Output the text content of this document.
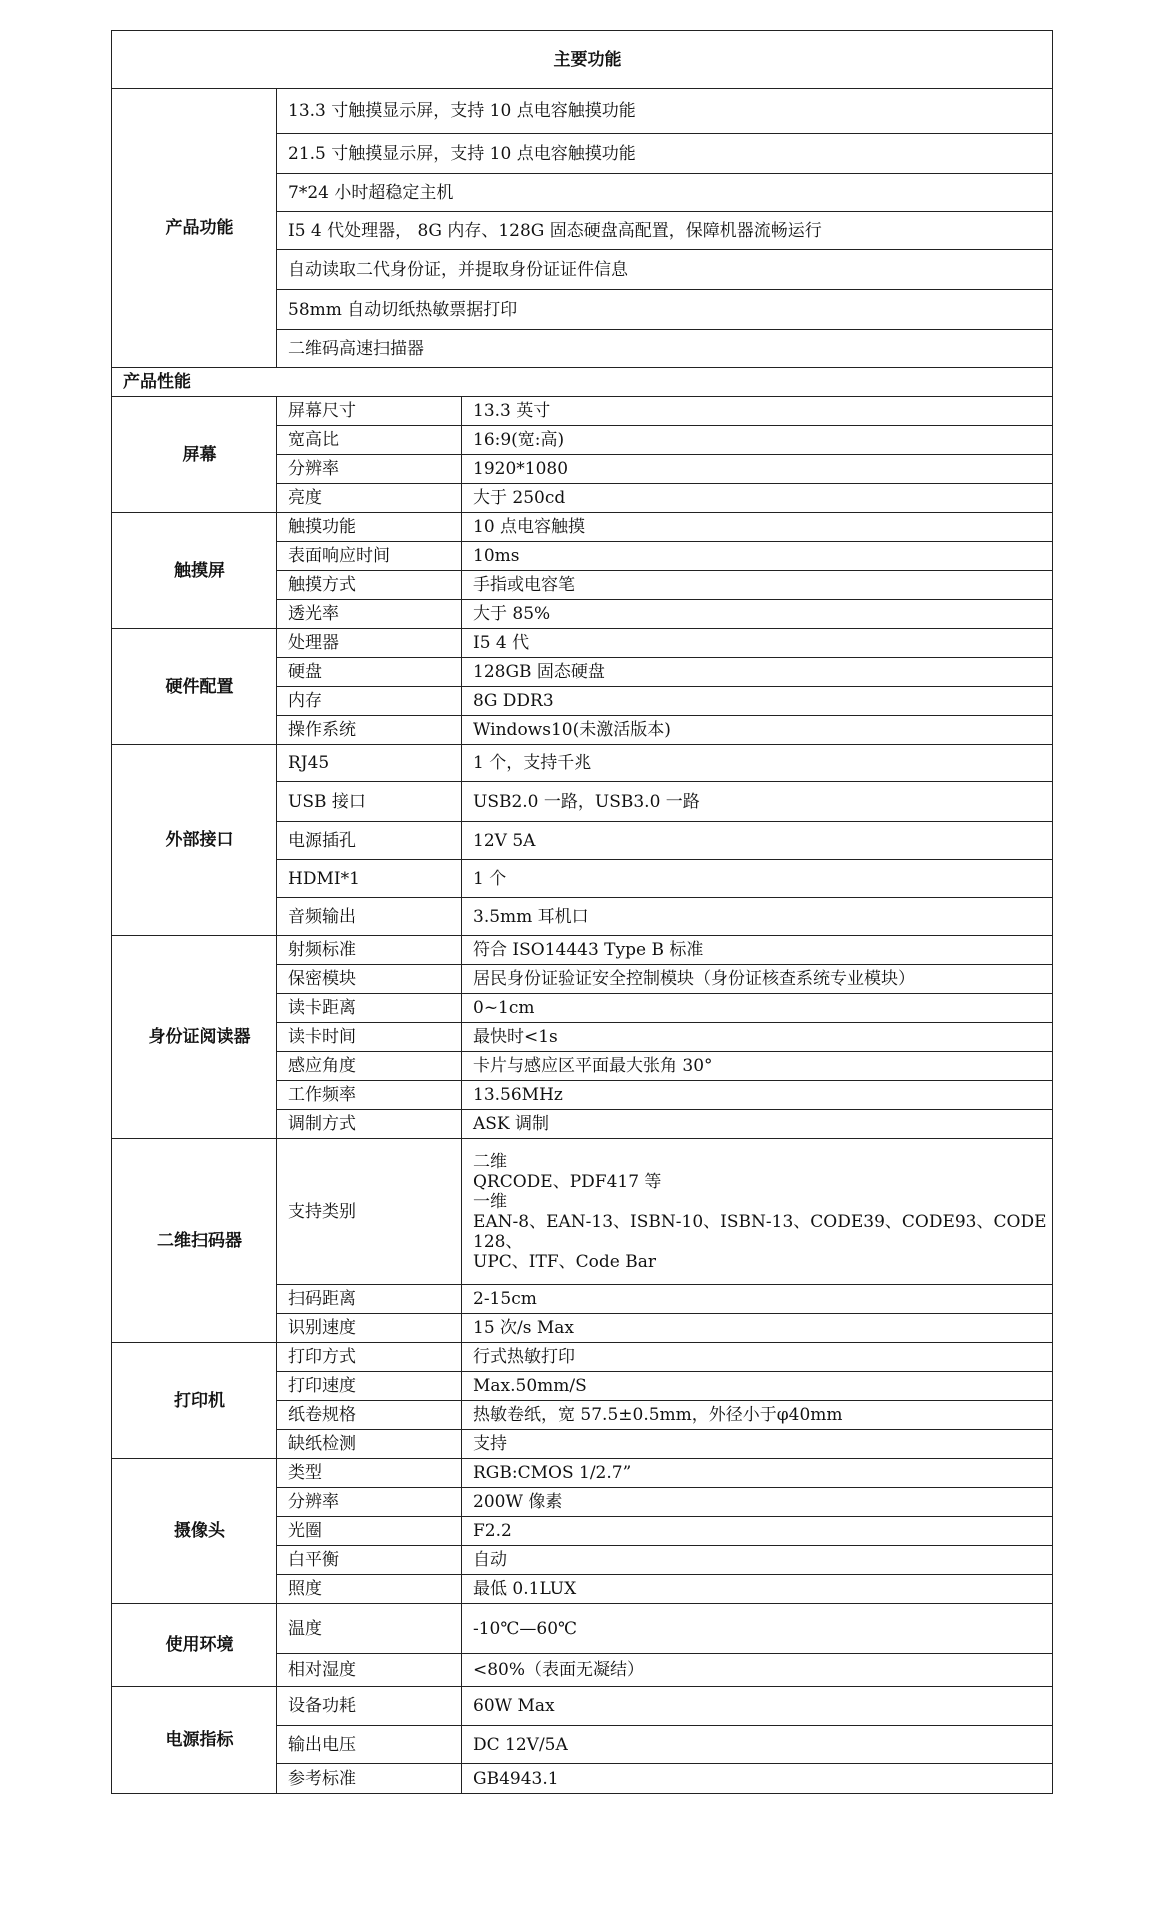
主要功能		
产品功能	13.3 寸触摸显示屏，支持 10 点电容触摸功能	
	21.5 寸触摸显示屏，支持 10 点电容触摸功能	
	7*24 小时超稳定主机	
	I5 4 代处理器， 8G 内存、128G 固态硬盘高配置，保障机器流畅运行	
	自动读取二代身份证，并提取身份证证件信息	
	58mm 自动切纸热敏票据打印	
	二维码高速扫描器	
产品性能		
屏幕	屏幕尺寸	13.3 英寸
	宽高比	16:9(宽:高)
	分辨率	1920*1080
	亮度	大于 250cd
触摸屏	触摸功能	10 点电容触摸
	表面响应时间	10ms
	触摸方式	手指或电容笔
	透光率	大于 85%
硬件配置	处理器	I5 4 代
	硬盘	128GB 固态硬盘
	内存	8G DDR3
	操作系统	Windows10(未激活版本)
外部接口	RJ45	1 个，支持千兆
	USB 接口	USB2.0 一路，USB3.0 一路
	电源插孔	12V 5A
	HDMI*1	1 个
	音频输出	3.5mm 耳机口
身份证阅读器	射频标准	符合 ISO14443 Type B 标准
	保密模块	居民身份证验证安全控制模块（身份证核查系统专业模块）
	读卡距离	0~1cm
	读卡时间	最快时<1s
	感应角度	卡片与感应区平面最大张角 30°
	工作频率	13.56MHz
	调制方式	ASK 调制
二维扫码器	支持类别	二维
QRCODE、PDF417 等
一维
EAN-8、EAN-13、ISBN-10、ISBN-13、CODE39、CODE93、CODE128、
UPC、ITF、Code Bar

	扫码距离	2-15cm
	识别速度	15 次/s Max
打印机	打印方式	行式热敏打印
	打印速度	Max.50mm/S
	纸卷规格	热敏卷纸，宽 57.5±0.5mm，外径小于φ40mm
	缺纸检测	支持
摄像头	类型	RGB:CMOS 1/2.7”
	分辨率	200W 像素
	光圈	F2.2
	白平衡	自动
	照度	最低 0.1LUX
使用环境	温度	-10℃—60℃
	相对湿度	<80%（表面无凝结）
电源指标	设备功耗	60W Max
	输出电压	DC 12V/5A
	参考标准	GB4943.1
